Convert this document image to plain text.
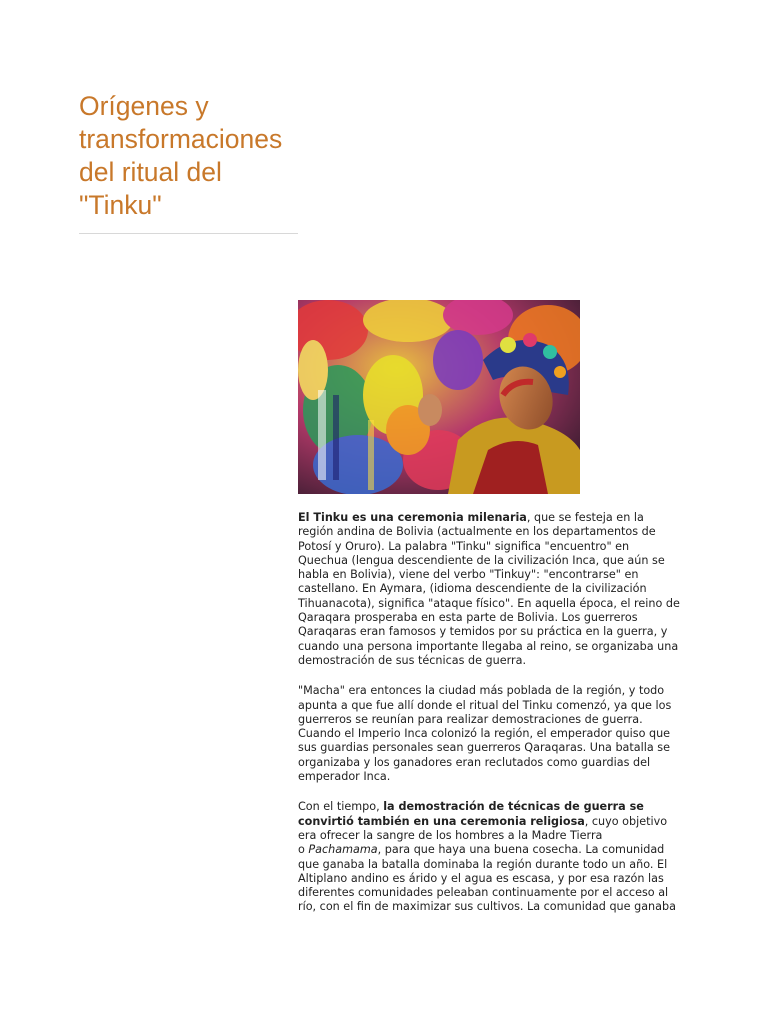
Orígenes y
transformaciones
del ritual del
"Tinku"

El Tinku es una ceremonia milenaria, que se festeja en la
región andina de Bolivia (actualmente en los departamentos de
Potosí y Oruro). La palabra "Tinku" significa "encuentro" en
Quechua (lengua descendiente de la civilización Inca, que aún se
habla en Bolivia), viene del verbo "Tinkuy": "encontrarse" en
castellano. En Aymara, (idioma descendiente de la civilización
Tihuanacota), significa "ataque físico". En aquella época, el reino de
Qaraqara prosperaba en esta parte de Bolivia. Los guerreros
Qaraqaras eran famosos y temidos por su práctica en la guerra, y
cuando una persona importante llegaba al reino, se organizaba una
demostración de sus técnicas de guerra.

"Macha" era entonces la ciudad más poblada de la región, y todo
apunta a que fue allí donde el ritual del Tinku comenzó, ya que los
guerreros se reunían para realizar demostraciones de guerra.
Cuando el Imperio Inca colonizó la región, el emperador quiso que
sus guardias personales sean guerreros Qaraqaras. Una batalla se
organizaba y los ganadores eran reclutados como guardias del
emperador Inca.

Con el tiempo, la demostración de técnicas de guerra se
convirtió también en una ceremonia religiosa, cuyo objetivo
era ofrecer la sangre de los hombres a la Madre Tierra
o Pachamama, para que haya una buena cosecha. La comunidad
que ganaba la batalla dominaba la región durante todo un año. El
Altiplano andino es árido y el agua es escasa, y por esa razón las
diferentes comunidades peleaban continuamente por el acceso al
río, con el fin de maximizar sus cultivos. La comunidad que ganaba
